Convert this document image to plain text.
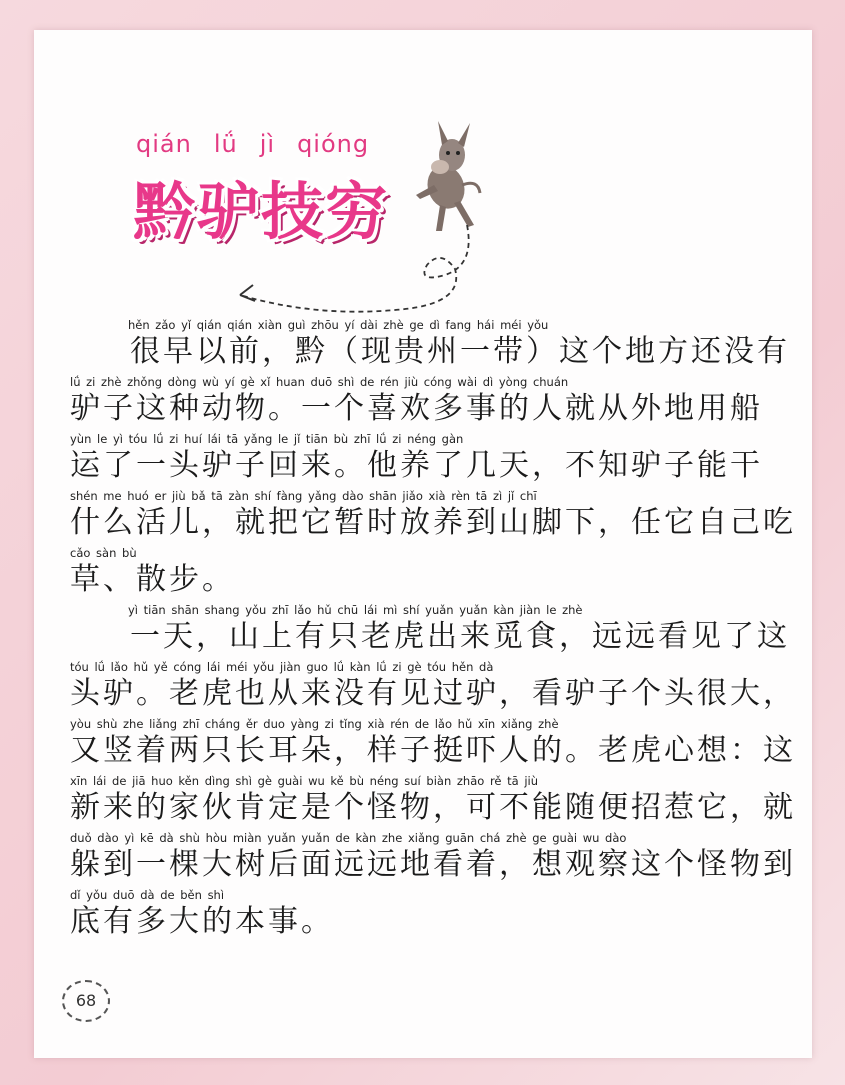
qián lǘ jì qióng
黔驴技穷
hěn zǎo yǐ qián qián xiàn guì zhōu yí dài zhè ge dì fang hái méi yǒu
很早以前，黔（现贵州一带）这个地方还没有
lǘ zi zhè zhǒng dòng wù yí gè xǐ huan duō shì de rén jiù cóng wài dì yòng chuán
驴子这种动物。一个喜欢多事的人就从外地用船
yùn le yì tóu lǘ zi huí lái tā yǎng le jǐ tiān bù zhī lǘ zi néng gàn
运了一头驴子回来。他养了几天，不知驴子能干
shén me huó er jiù bǎ tā zàn shí fàng yǎng dào shān jiǎo xià rèn tā zì jǐ chī
什么活儿，就把它暂时放养到山脚下，任它自己吃
cǎo sàn bù
草、散步。
yì tiān shān shang yǒu zhī lǎo hǔ chū lái mì shí yuǎn yuǎn kàn jiàn le zhè
一天，山上有只老虎出来觅食，远远看见了这
tóu lǘ lǎo hǔ yě cóng lái méi yǒu jiàn guo lǘ kàn lǘ zi gè tóu hěn dà
头驴。老虎也从来没有见过驴，看驴子个头很大，
yòu shù zhe liǎng zhī cháng ěr duo yàng zi tǐng xià rén de lǎo hǔ xīn xiǎng zhè
又竖着两只长耳朵，样子挺吓人的。老虎心想：这
xīn lái de jiā huo kěn dìng shì gè guài wu kě bù néng suí biàn zhāo rě tā jiù
新来的家伙肯定是个怪物，可不能随便招惹它，就
duǒ dào yì kē dà shù hòu miàn yuǎn yuǎn de kàn zhe xiǎng guān chá zhè ge guài wu dào
躲到一棵大树后面远远地看着，想观察这个怪物到
dǐ yǒu duō dà de běn shì
底有多大的本事。
68
